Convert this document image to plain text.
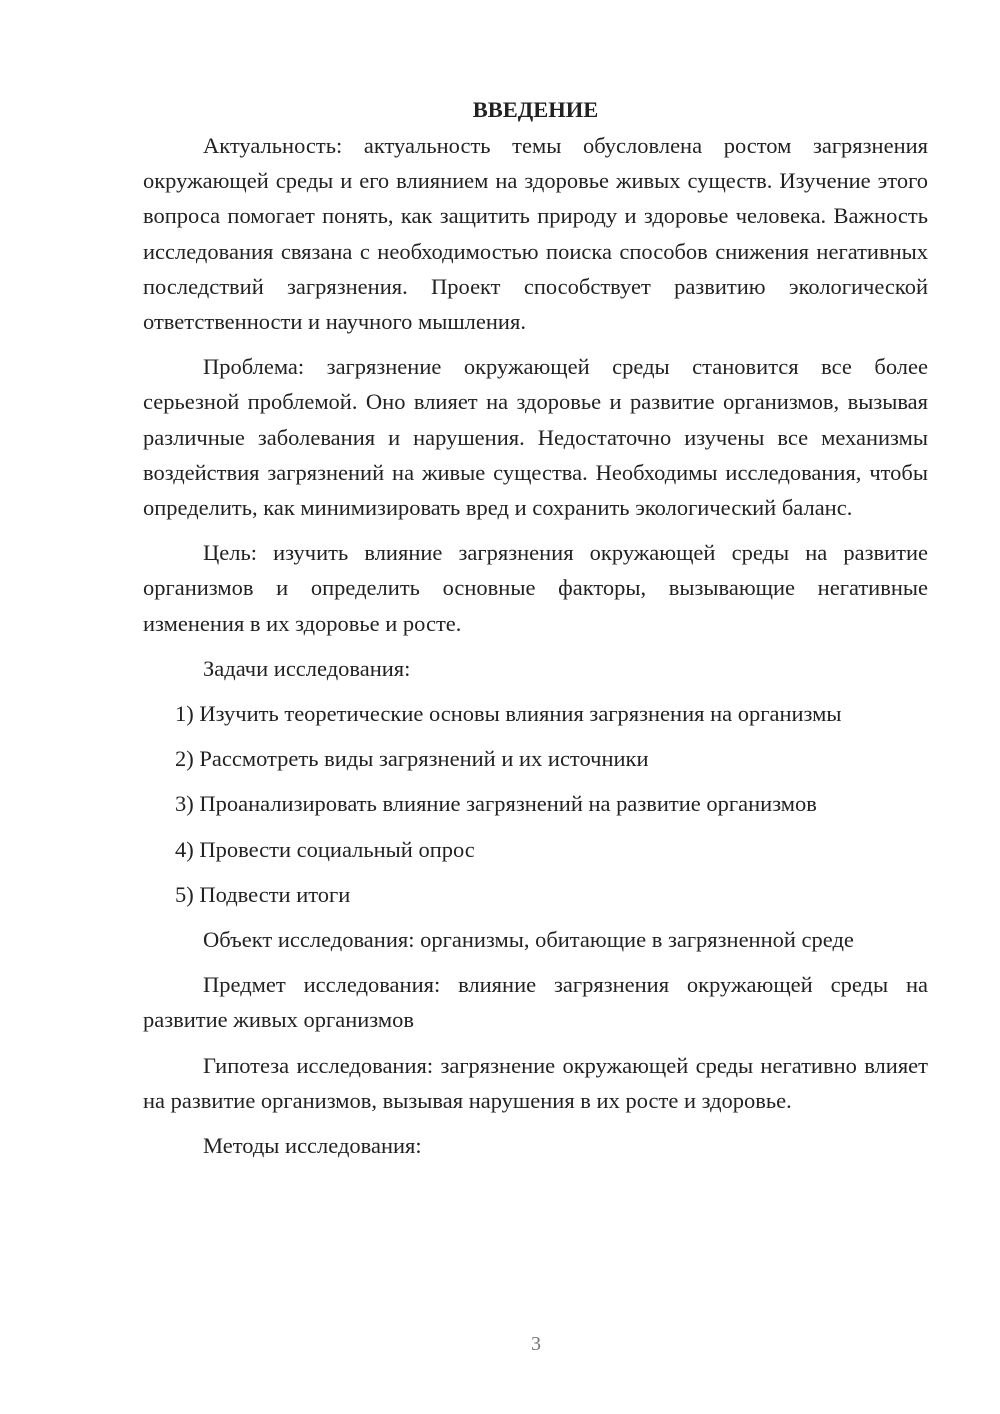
ВВЕДЕНИЕ

Актуальность: актуальность темы обусловлена ростом загрязнения окружающей среды и его влиянием на здоровье живых существ. Изучение этого вопроса помогает понять, как защитить природу и здоровье человека. Важность исследования связана с необходимостью поиска способов снижения негативных последствий загрязнения. Проект способствует развитию экологической ответственности и научного мышления.

Проблема: загрязнение окружающей среды становится все более серьезной проблемой. Оно влияет на здоровье и развитие организмов, вызывая различные заболевания и нарушения. Недостаточно изучены все механизмы воздействия загрязнений на живые существа. Необходимы исследования, чтобы определить, как минимизировать вред и сохранить экологический баланс.

Цель: изучить влияние загрязнения окружающей среды на развитие организмов и определить основные факторы, вызывающие негативные изменения в их здоровье и росте.

Задачи исследования:

1) Изучить теоретические основы влияния загрязнения на организмы
2) Рассмотреть виды загрязнений и их источники
3) Проанализировать влияние загрязнений на развитие организмов
4) Провести социальный опрос
5) Подвести итоги

Объект исследования: организмы, обитающие в загрязненной среде

Предмет исследования: влияние загрязнения окружающей среды на развитие живых организмов

Гипотеза исследования: загрязнение окружающей среды негативно влияет на развитие организмов, вызывая нарушения в их росте и здоровье.

Методы исследования:

3
